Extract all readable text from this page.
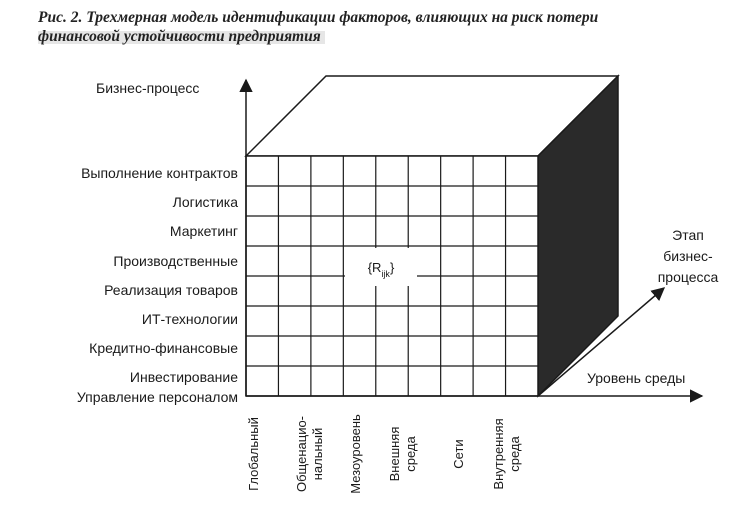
Рис. 2. Трехмерная модель идентификации факторов, влияющих на риск потери
финансовой устойчивости предприятия
$\{R_{ijk}\}$
Бизнес-процесс
Уровень среды
Этап бизнес-процесса
Выполнение контрактов
Логистика
Маркетинг
Производственные
Реализация товаров
ИТ-технологии
Кредитно-финансовые
Инвестирование
Управление персоналом
Глобальный	Общенацио-нальный Мезоуровень Внешняясреда	Сети Внутренняясреда
